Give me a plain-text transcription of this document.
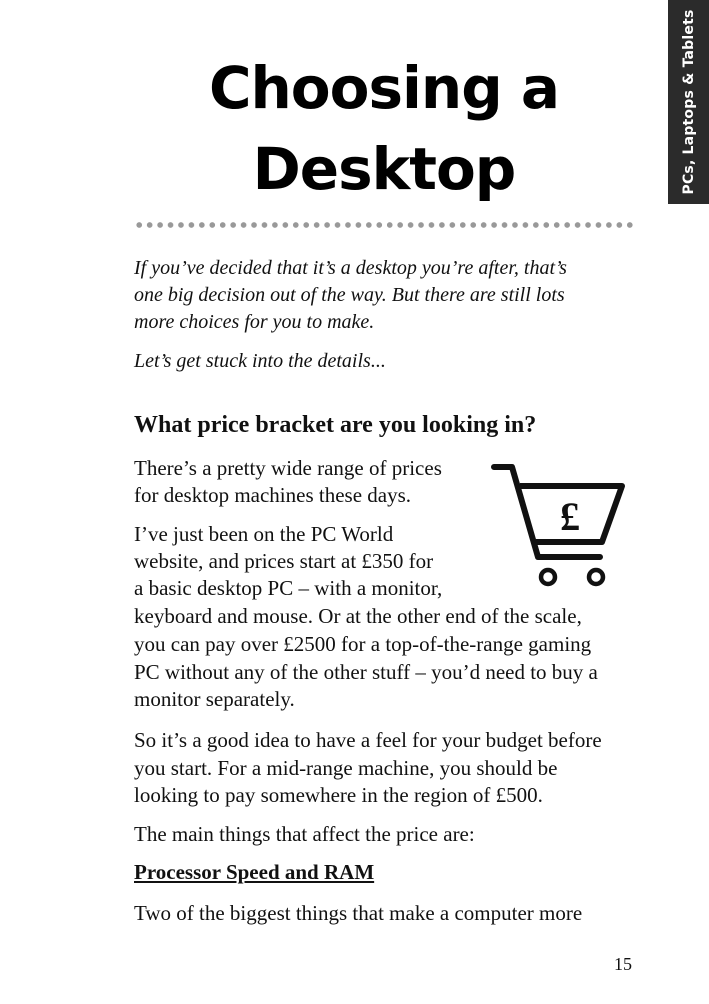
PCs, Laptops & Tablets
Choosing a
Desktop
If you’ve decided that it’s a desktop you’re after, that’s
one big decision out of the way. But there are still lots
more choices for you to make.
Let’s get stuck into the details...
What price bracket are you looking in?
There’s a pretty wide range of prices
for desktop machines these days.
I’ve just been on the PC World
website, and prices start at £350 for
a basic desktop PC – with a monitor,
keyboard and mouse. Or at the other end of the scale,
you can pay over £2500 for a top-of-the-range gaming
PC without any of the other stuff – you’d need to buy a
monitor separately.
So it’s a good idea to have a feel for your budget before
you start. For a mid-range machine, you should be
looking to pay somewhere in the region of £500.
The main things that affect the price are:
Processor Speed and RAM
Two of the biggest things that make a computer more
£
15
